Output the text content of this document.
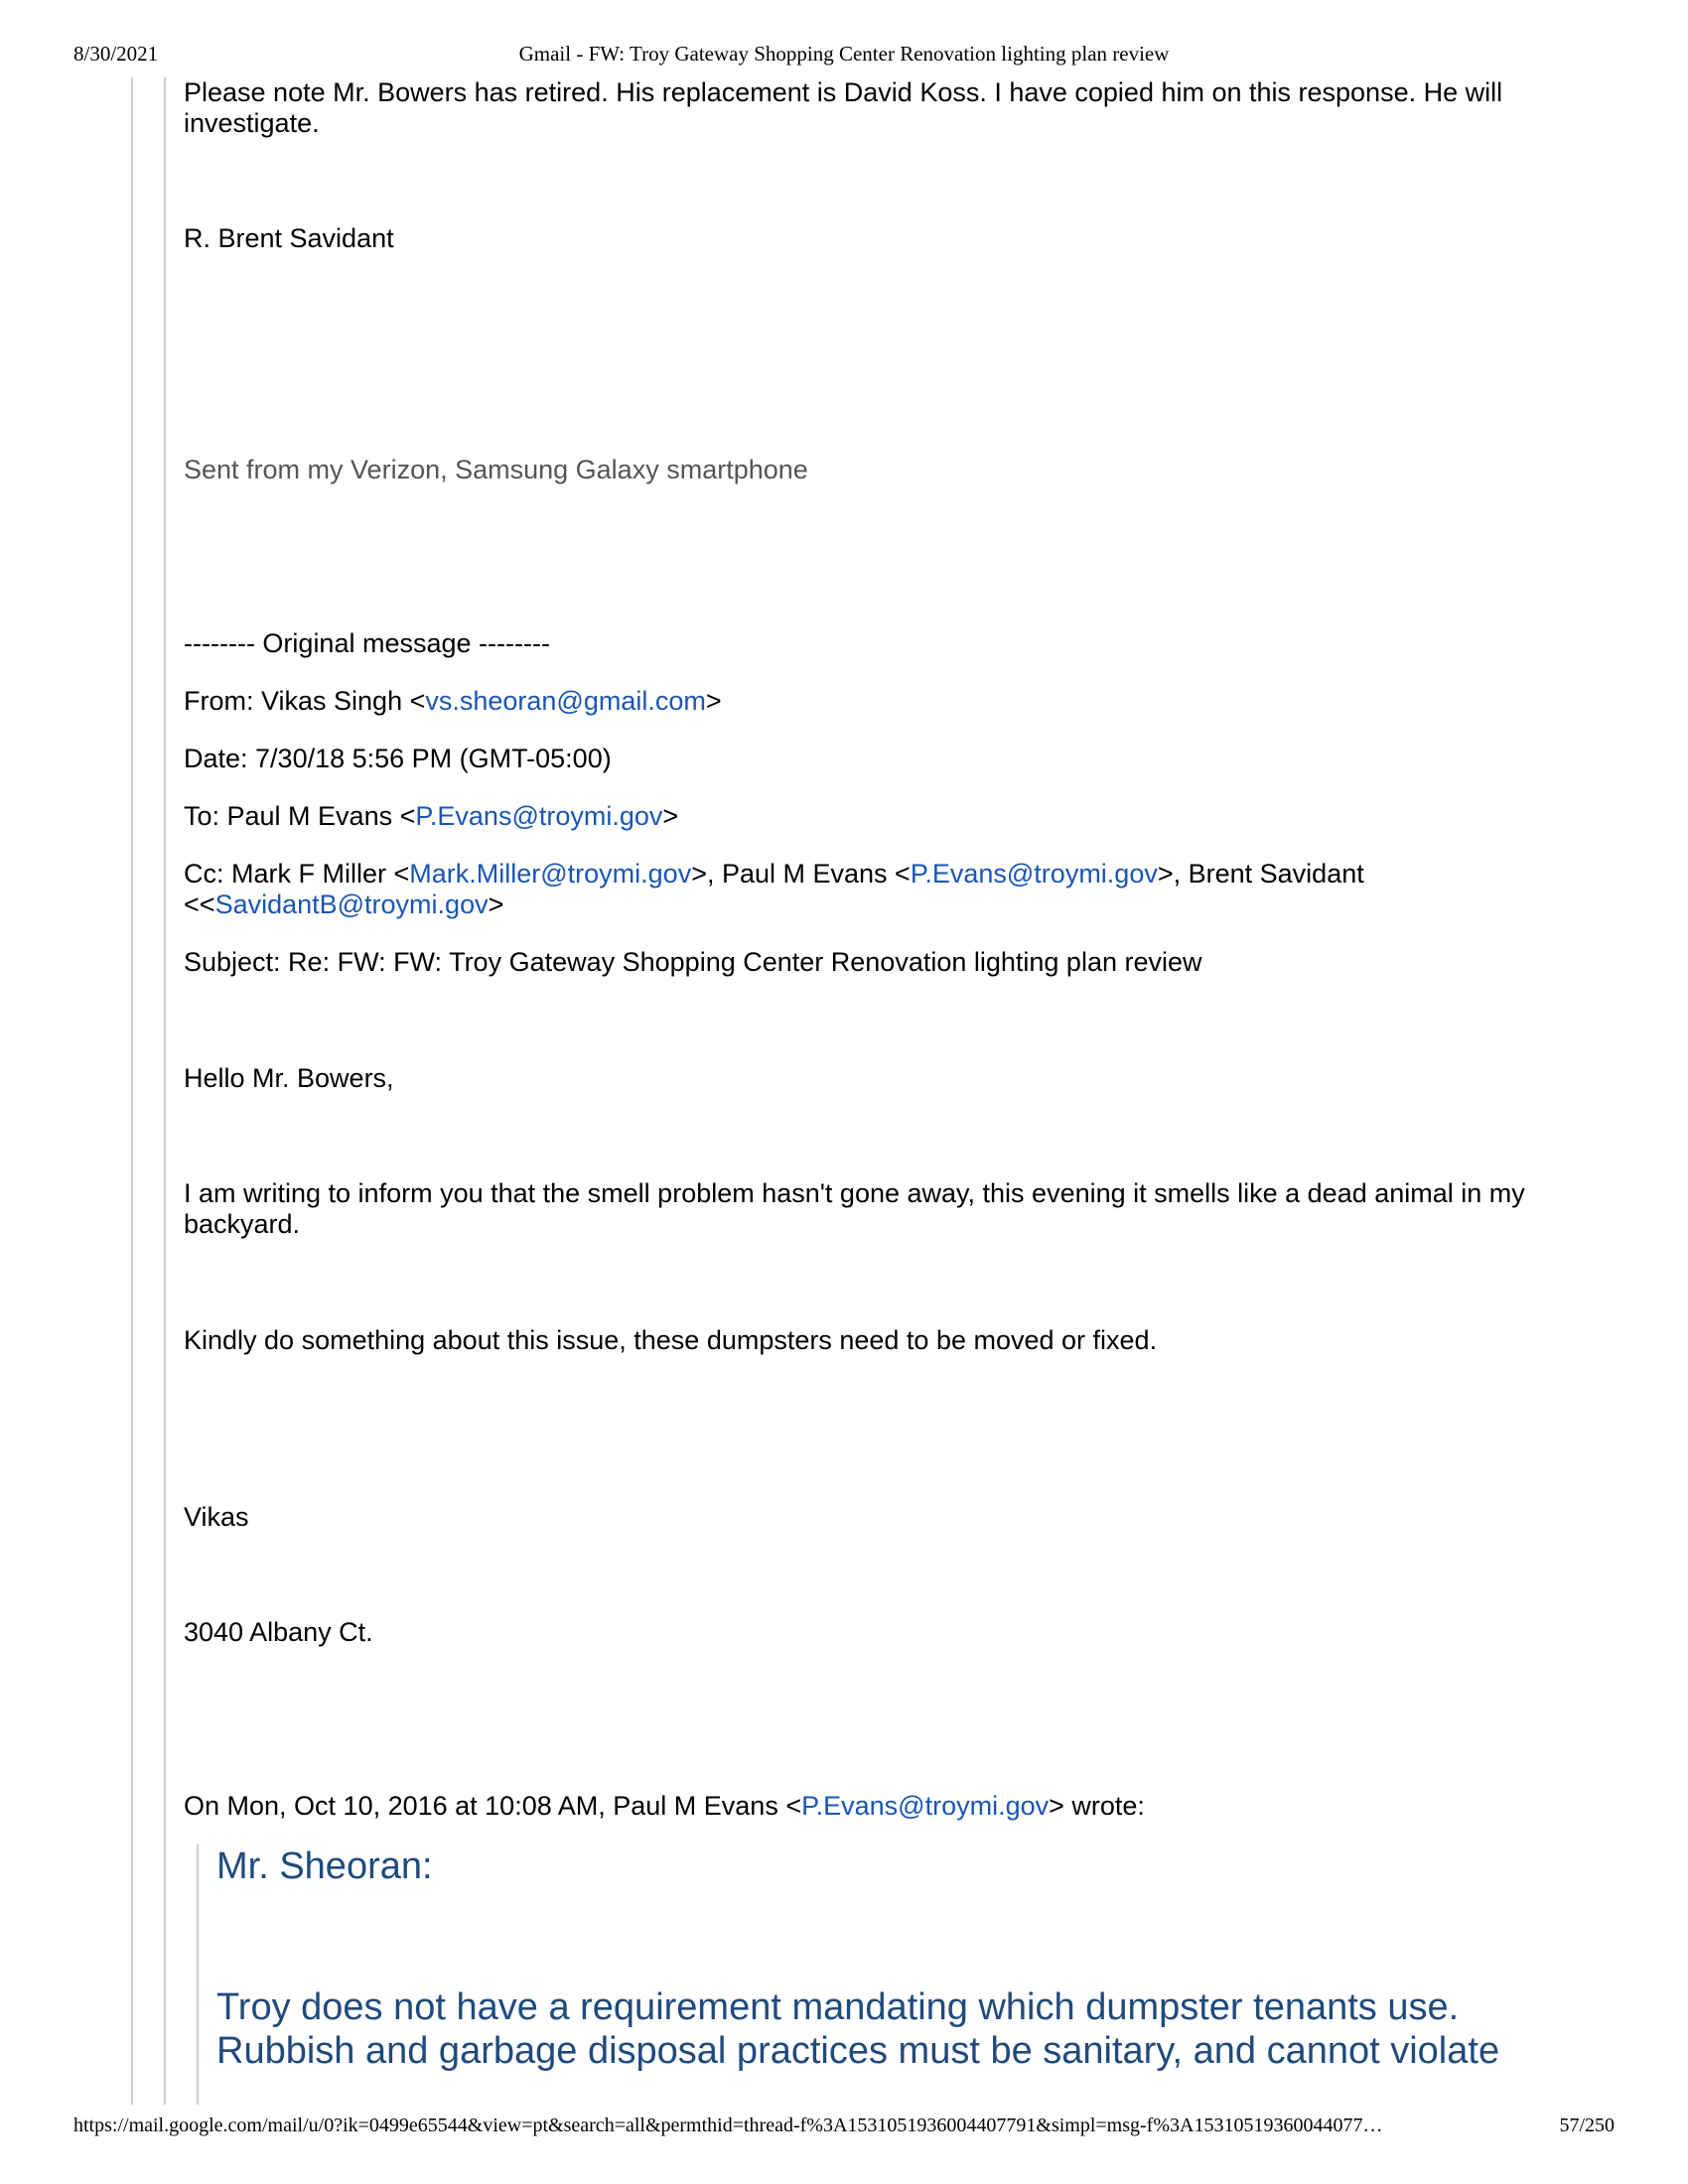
8/30/2021	Gmail - FW: Troy Gateway Shopping Center Renovation lighting plan review
Please note Mr. Bowers has retired. His replacement is David Koss. I have copied him on this response. He will investigate.
R. Brent Savidant
Sent from my Verizon, Samsung Galaxy smartphone
-------- Original message --------
From: Vikas Singh <vs.sheoran@gmail.com>
Date: 7/30/18 5:56 PM (GMT-05:00)
To: Paul M Evans <P.Evans@troymi.gov>
Cc: Mark F Miller <Mark.Miller@troymi.gov>, Paul M Evans <P.Evans@troymi.gov>, Brent Savidant <<SavidantB@troymi.gov>
Subject: Re: FW: FW: Troy Gateway Shopping Center Renovation lighting plan review
Hello Mr. Bowers,
I am writing to inform you that the smell problem hasn't gone away, this evening it smells like a dead animal in my backyard.
Kindly do something about this issue, these dumpsters need to be moved or fixed.
Vikas
3040 Albany Ct.
On Mon, Oct 10, 2016 at 10:08 AM, Paul M Evans <P.Evans@troymi.gov> wrote:
Mr. Sheoran:
Troy does not have a requirement mandating which dumpster tenants use.
Rubbish and garbage disposal practices must be sanitary, and cannot violate
https://mail.google.com/mail/u/0?ik=0499e65544&view=pt&search=all&permthid=thread-f%3A1531051936004407791&simpl=msg-f%3A15310519360044077…	57/250
